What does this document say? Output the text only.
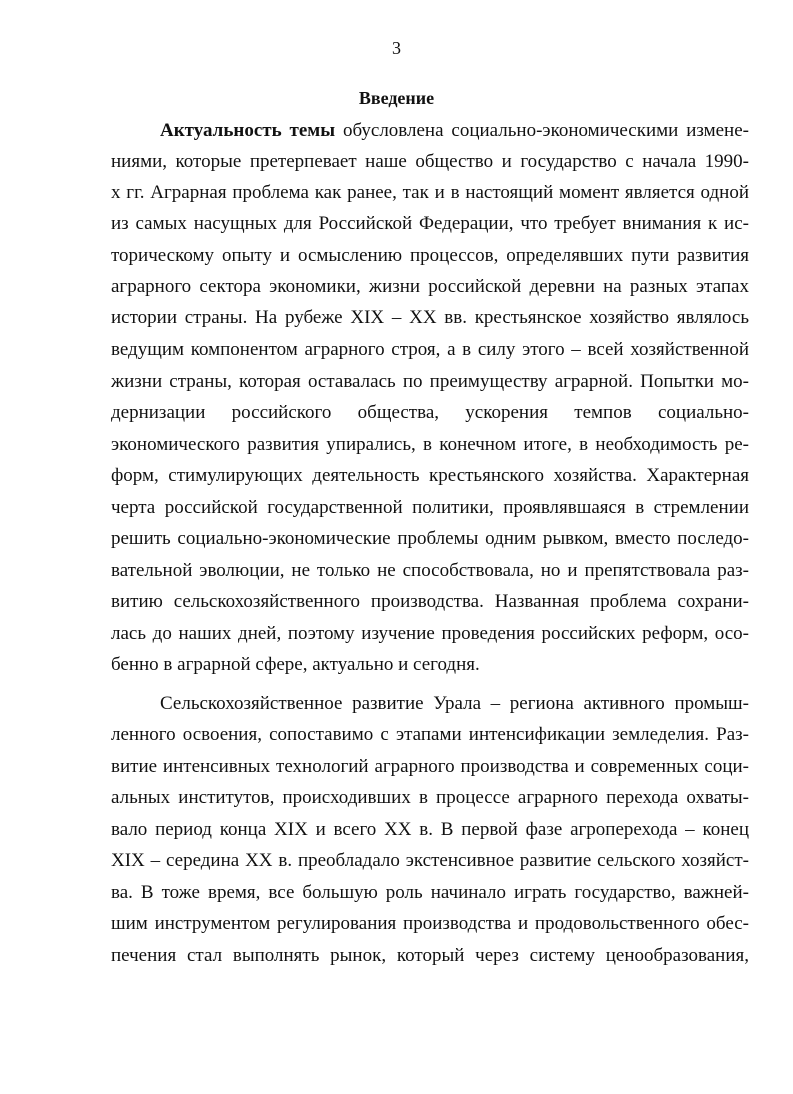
3
Введение
Актуальность темы обусловлена социально-экономическими измене-
ниями, которые претерпевает наше общество и государство с начала 1990-
х гг. Аграрная проблема как ранее, так и в настоящий момент является одной
из самых насущных для Российской Федерации, что требует внимания к ис-
торическому опыту и осмыслению процессов, определявших пути развития
аграрного сектора экономики, жизни российской деревни на разных этапах
истории страны. На рубеже XIX – XX вв. крестьянское хозяйство являлось
ведущим компонентом аграрного строя, а в силу этого – всей хозяйственной
жизни страны, которая оставалась по преимуществу аграрной. Попытки мо-
дернизации российского общества, ускорения темпов социально-
экономического развития упирались, в конечном итоге, в необходимость ре-
форм, стимулирующих деятельность крестьянского хозяйства. Характерная
черта российской государственной политики, проявлявшаяся в стремлении
решить социально-экономические проблемы одним рывком, вместо последо-
вательной эволюции, не только не способствовала, но и препятствовала раз-
витию сельскохозяйственного производства. Названная проблема сохрани-
лась до наших дней, поэтому изучение проведения российских реформ, осо-
бенно в аграрной сфере, актуально и сегодня.
Сельскохозяйственное развитие Урала – региона активного промыш-
ленного освоения, сопоставимо с этапами интенсификации земледелия. Раз-
витие интенсивных технологий аграрного производства и современных соци-
альных институтов, происходивших в процессе аграрного перехода охваты-
вало период конца XIX и всего XX в. В первой фазе агроперехода – конец
XIX – середина XX в. преобладало экстенсивное развитие сельского хозяйст-
ва. В тоже время, все большую роль начинало играть государство, важней-
шим инструментом регулирования производства и продовольственного обес-
печения стал выполнять рынок, который через систему ценообразования,
